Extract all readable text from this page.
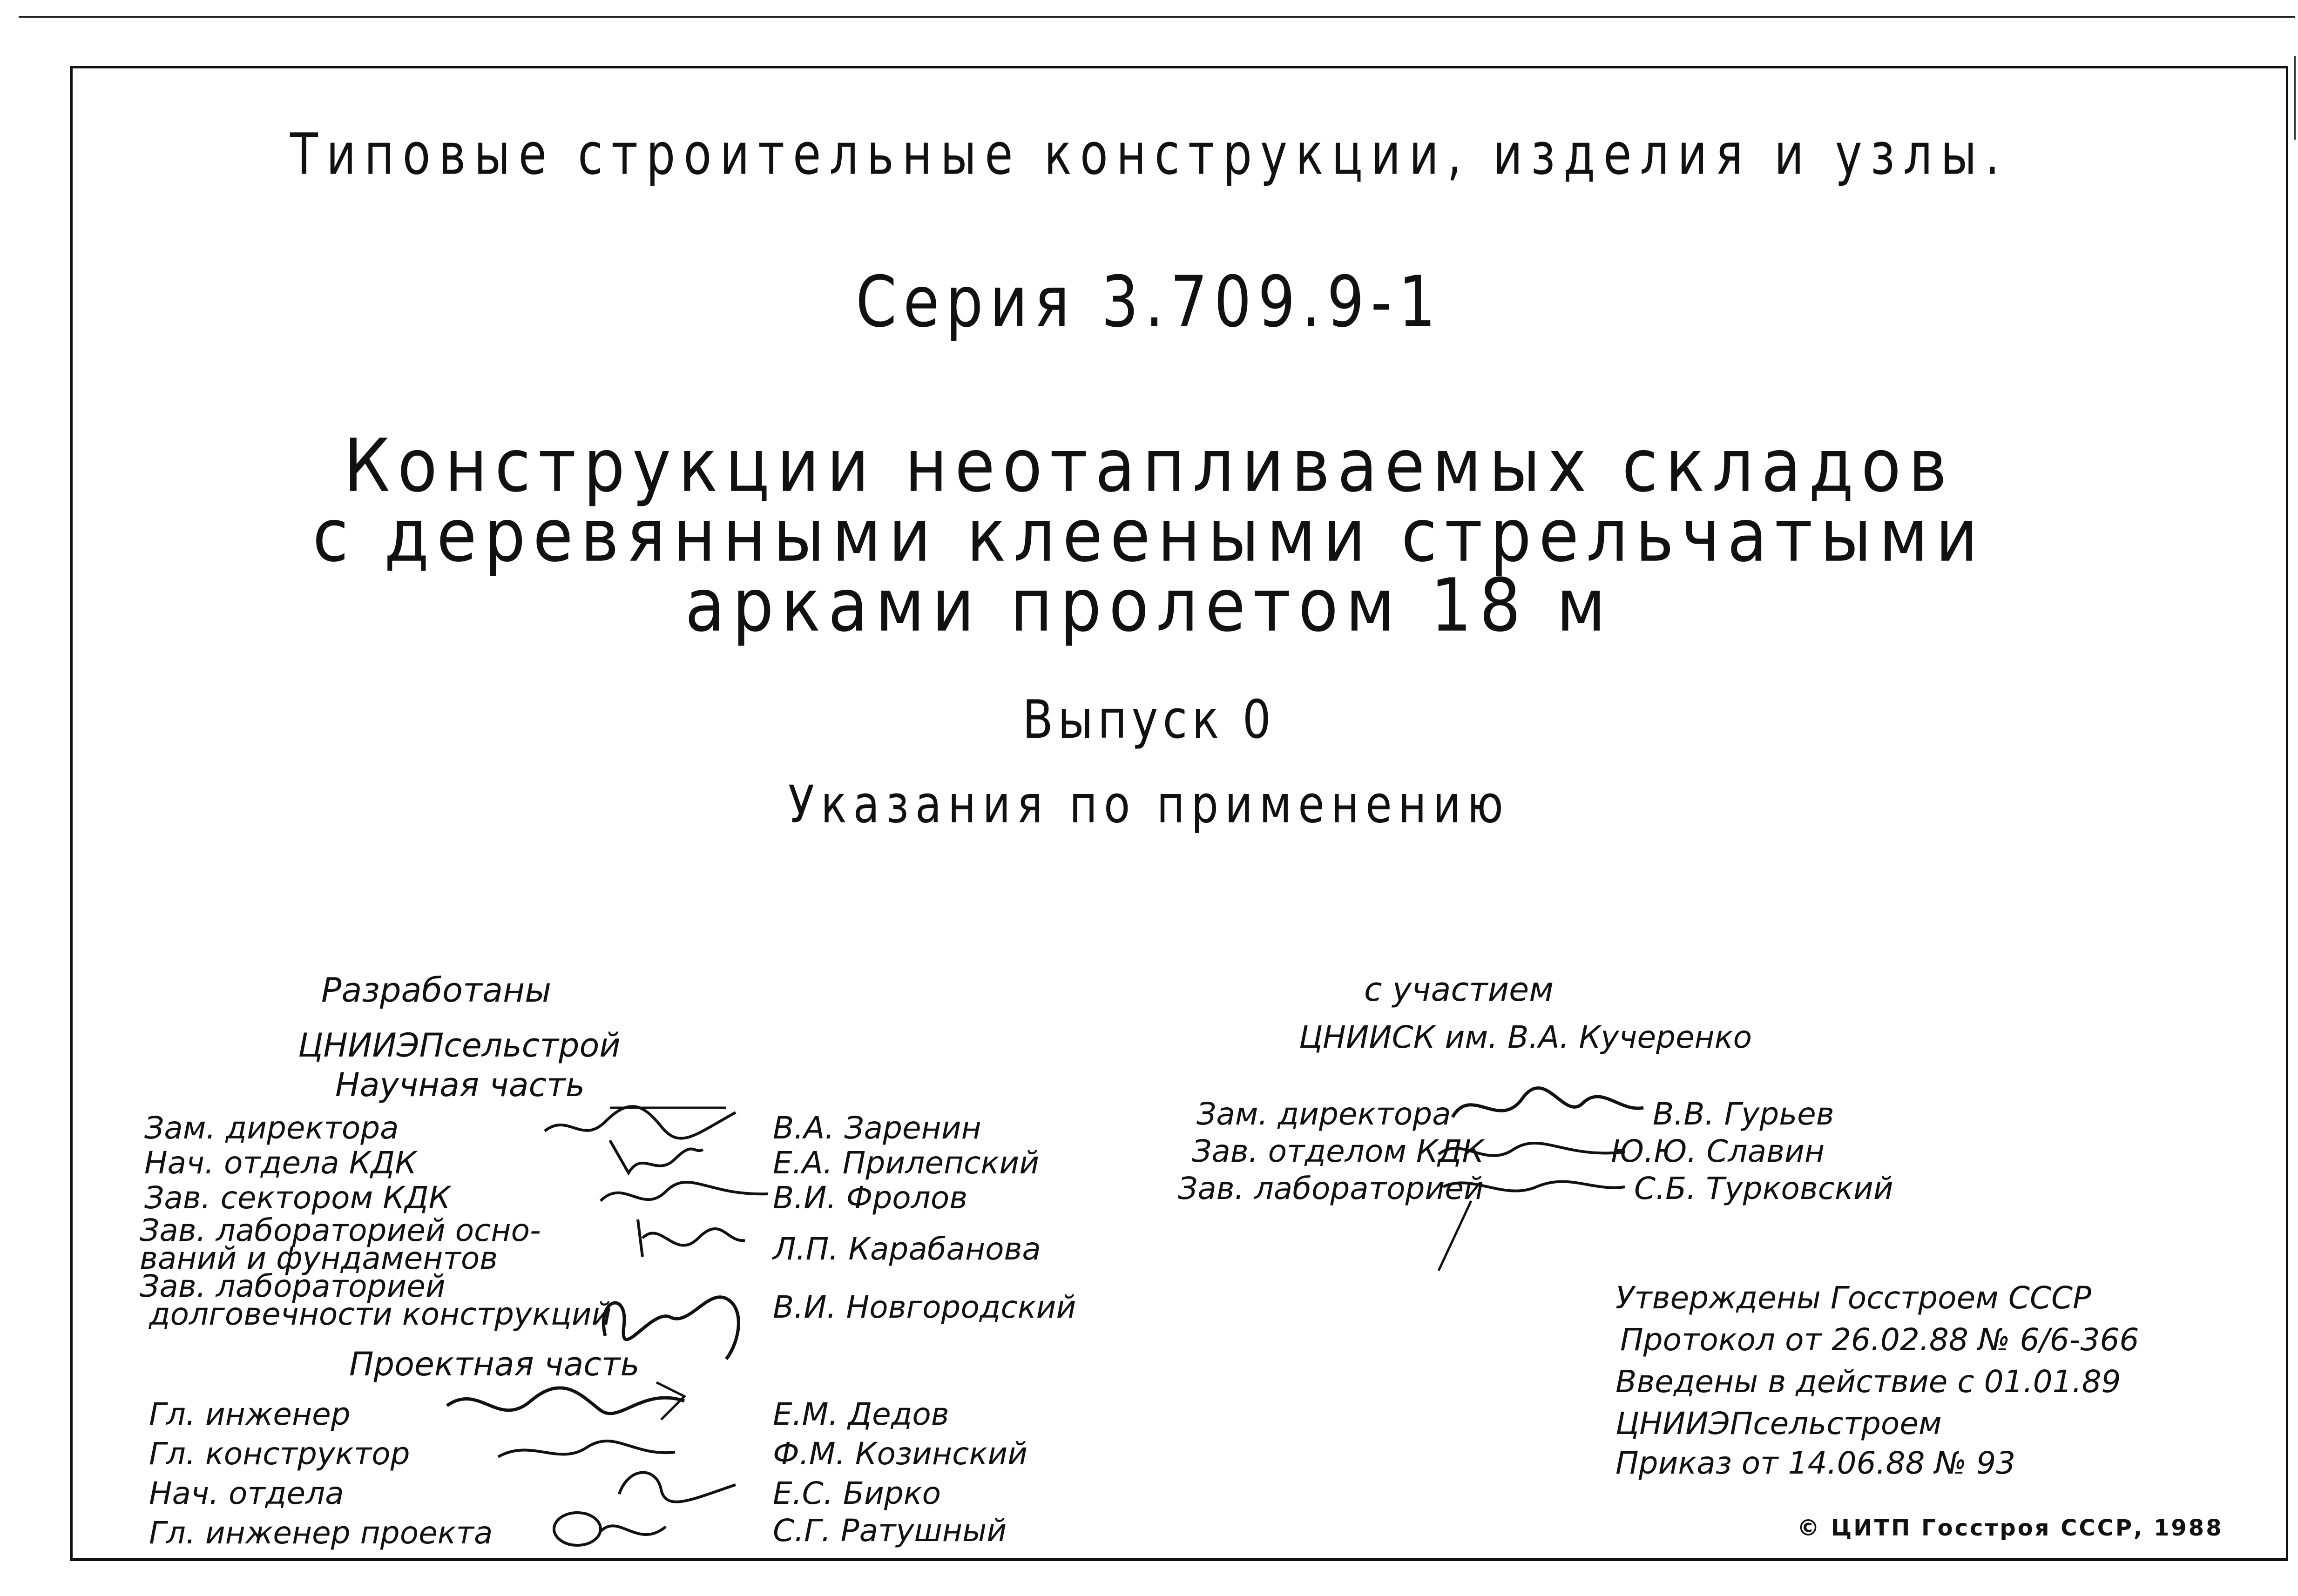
Типовые строительные конструкции, изделия и узлы.
Серия 3.709.9-1
Конструкции неотапливаемых складов
с деревянными клееными стрельчатыми
арками пролетом 18 м
Выпуск 0
Указания по применению
Разработаны
ЦНИИЭПсельстрой
Научная часть
Зам. директора
Нач. отдела КДК
Зав. сектором КДК
Зав. лабораторией осно-
ваний и фундаментов
Зав. лабораторией
долговечности конструкций
В.А. Заренин
Е.А. Прилепский
В.И. Фролов
Л.П. Карабанова
В.И. Новгородский
Проектная часть
Гл. инженер
Гл. конструктор
Нач. отдела
Гл. инженер проекта
Е.М. Дедов
Ф.М. Козинский
Е.С. Бирко
С.Г. Ратушный
с участием
ЦНИИСК им. В.А. Кучеренко
Зам. директора
Зав. отделом КДК
Зав. лабораторией
В.В. Гурьев
Ю.Ю. Славин
С.Б. Турковский
Утверждены Госстроем СССР
Протокол от 26.02.88 № 6/6-366
Введены в действие с 01.01.89
ЦНИИЭПсельстроем
Приказ от 14.06.88 № 93
© ЦИТП Госстроя СССР, 1988
